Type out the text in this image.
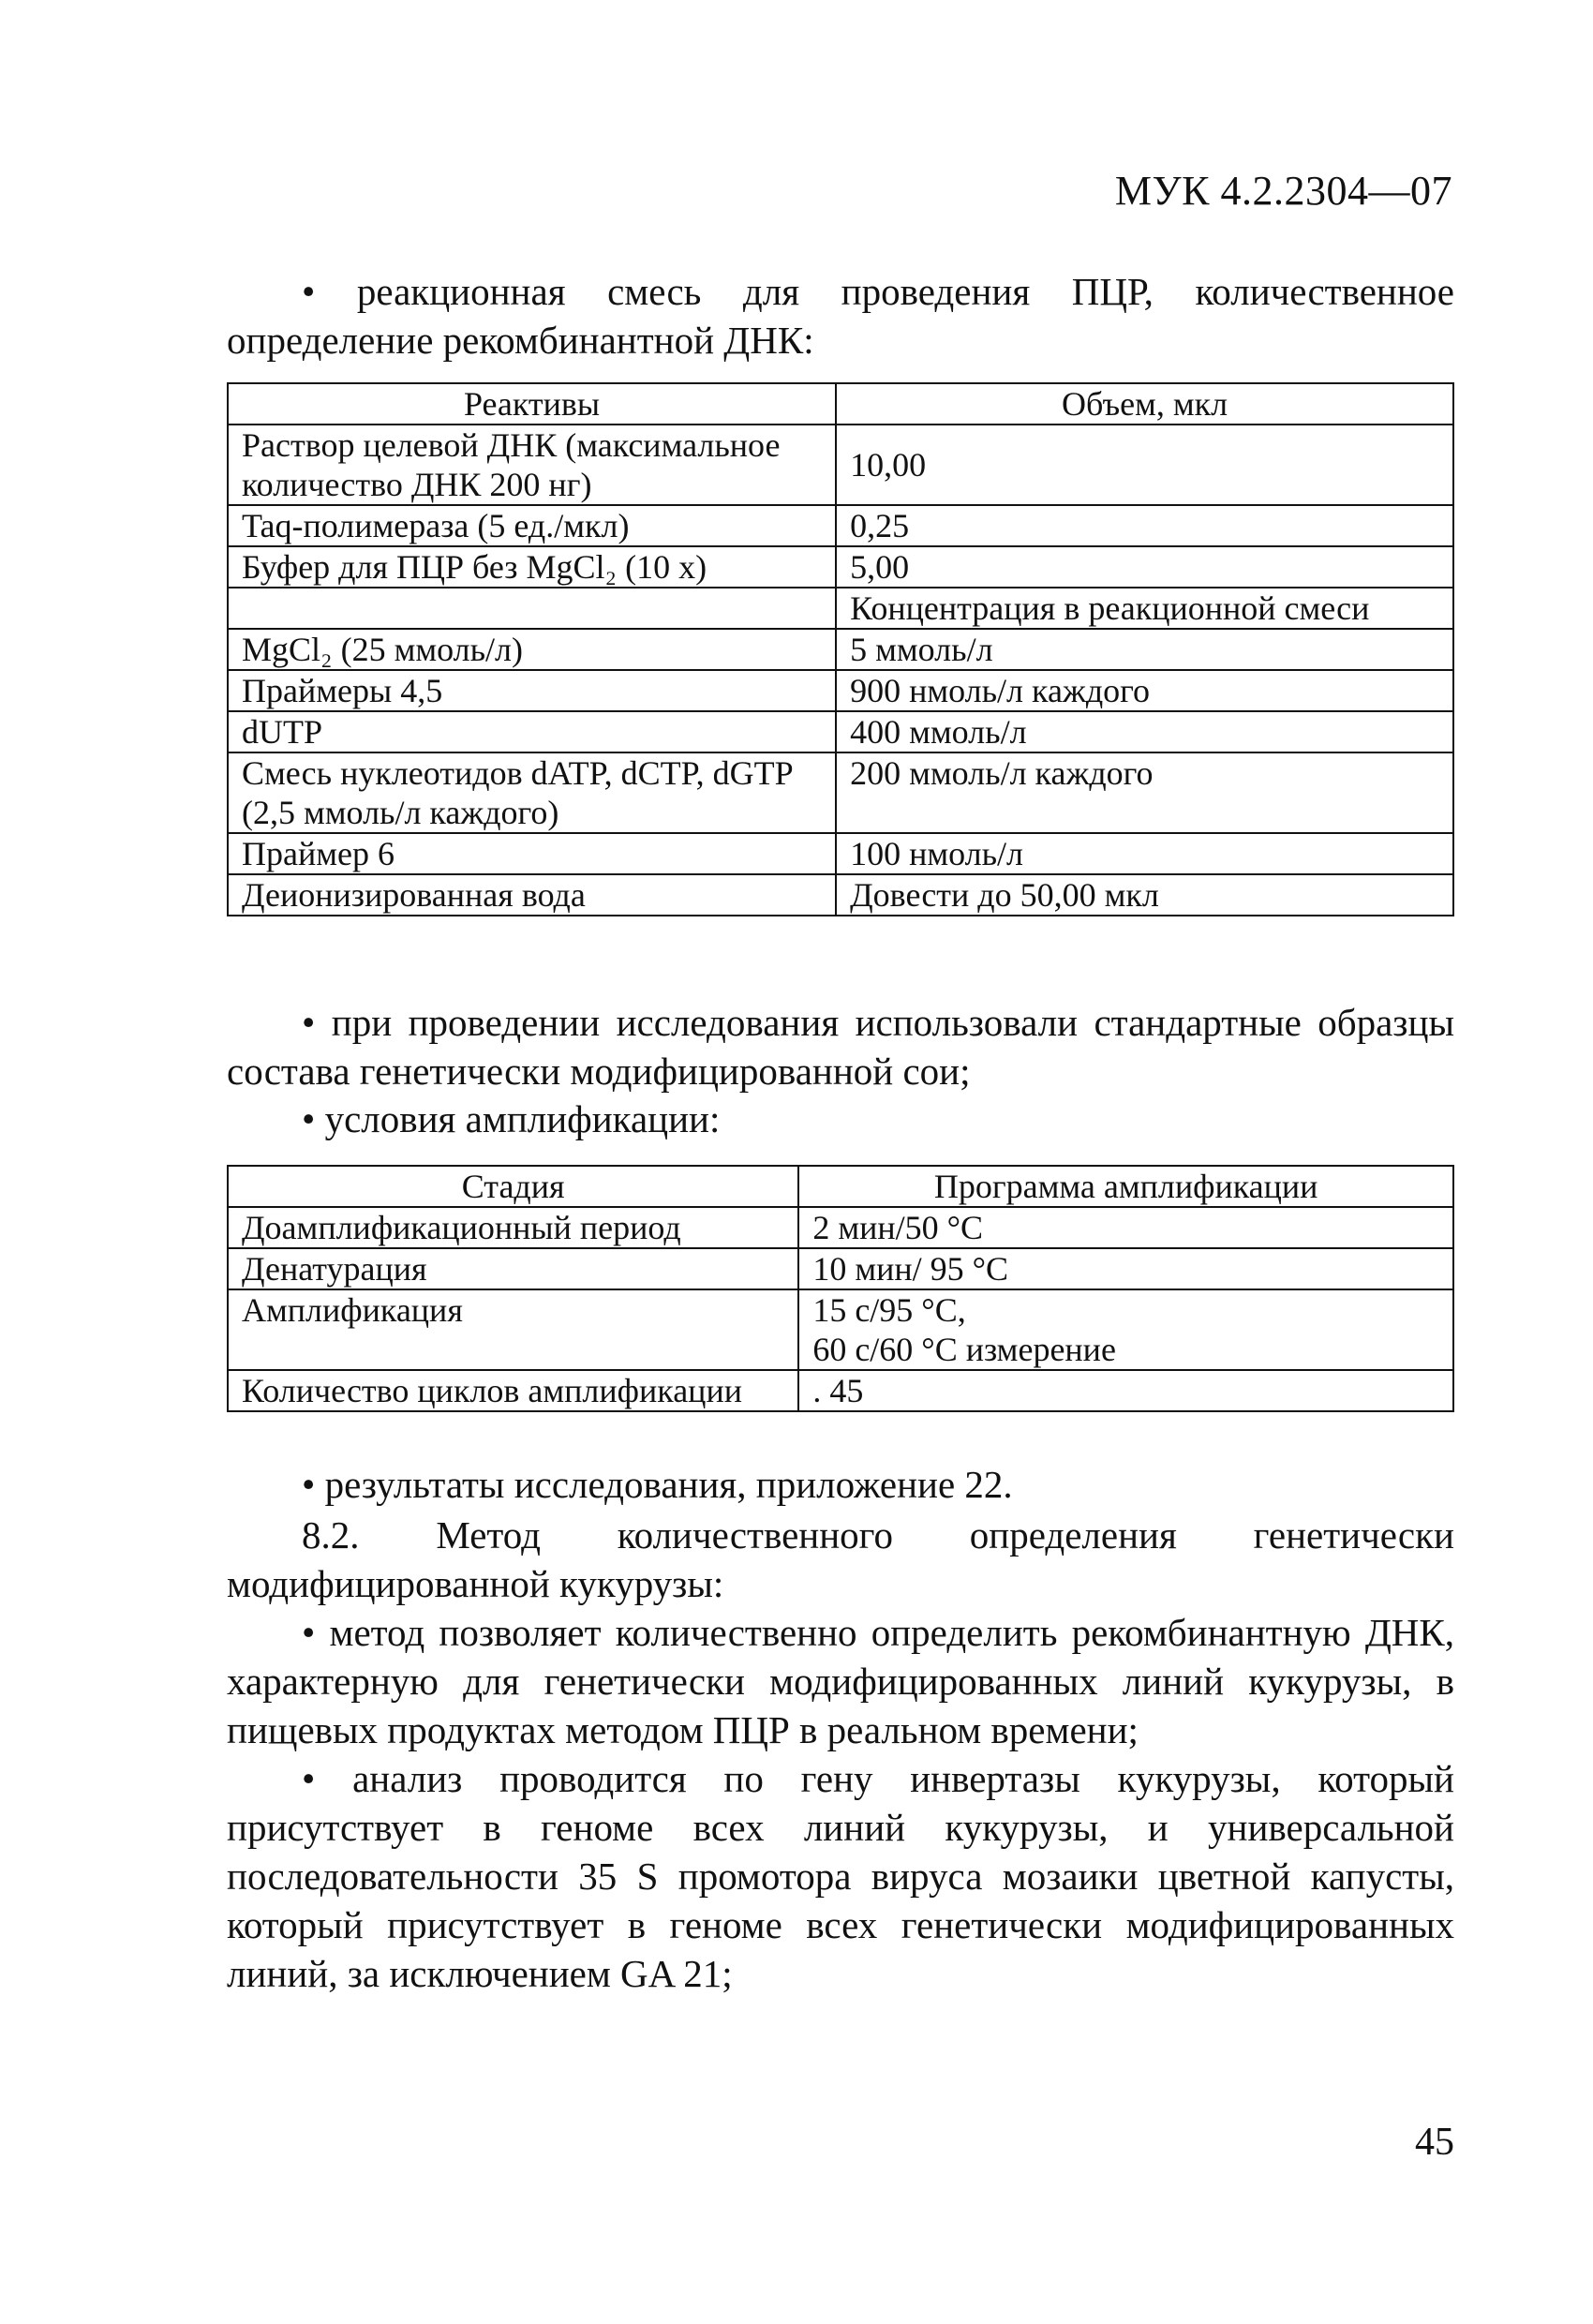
МУК 4.2.2304—07
• реакционная смесь для проведения ПЦР, количественное определение рекомбинантной ДНК:
Реактивы	Объем, мкл
Раствор целевой ДНК (максимальное количество ДНК 200 нг)	10,00
Taq-полимераза (5 ед./мкл)	0,25
Буфер для ПЦР без MgCl₂ (10 x)	5,00
	Концентрация в реакционной смеси
MgCl₂ (25 ммоль/л)	5 ммоль/л
Праймеры 4,5	900 нмоль/л каждого
dUTP	400 ммоль/л
Смесь нуклеотидов dATP, dCTP, dGTP (2,5 ммоль/л каждого)	200 ммоль/л каждого
Праймер 6	100 нмоль/л
Деионизированная вода	Довести до 50,00 мкл
• при проведении исследования использовали стандартные образцы состава генетически модифицированной сои;
• условия амплификации:
Стадия	Программа амплификации
Доамплификационный период	2 мин/50 °С
Денатурация	10 мин/ 95 °С
Амплификация	15 с/95 °С,
60 с/60 °С измерение
Количество циклов амплификации	. 45
• результаты исследования, приложение 22.
8.2. Метод количественного определения генетически модифицированной кукурузы:
• метод позволяет количественно определить рекомбинантную ДНК, характерную для генетически модифицированных линий кукурузы, в пищевых продуктах методом ПЦР в реальном времени;
• анализ проводится по гену инвертазы кукурузы, который присутствует в геноме всех линий кукурузы, и универсальной последовательности 35 S промотора вируса мозаики цветной капусты, который присутствует в геноме всех генетически модифицированных линий, за исключением GA 21;
45
